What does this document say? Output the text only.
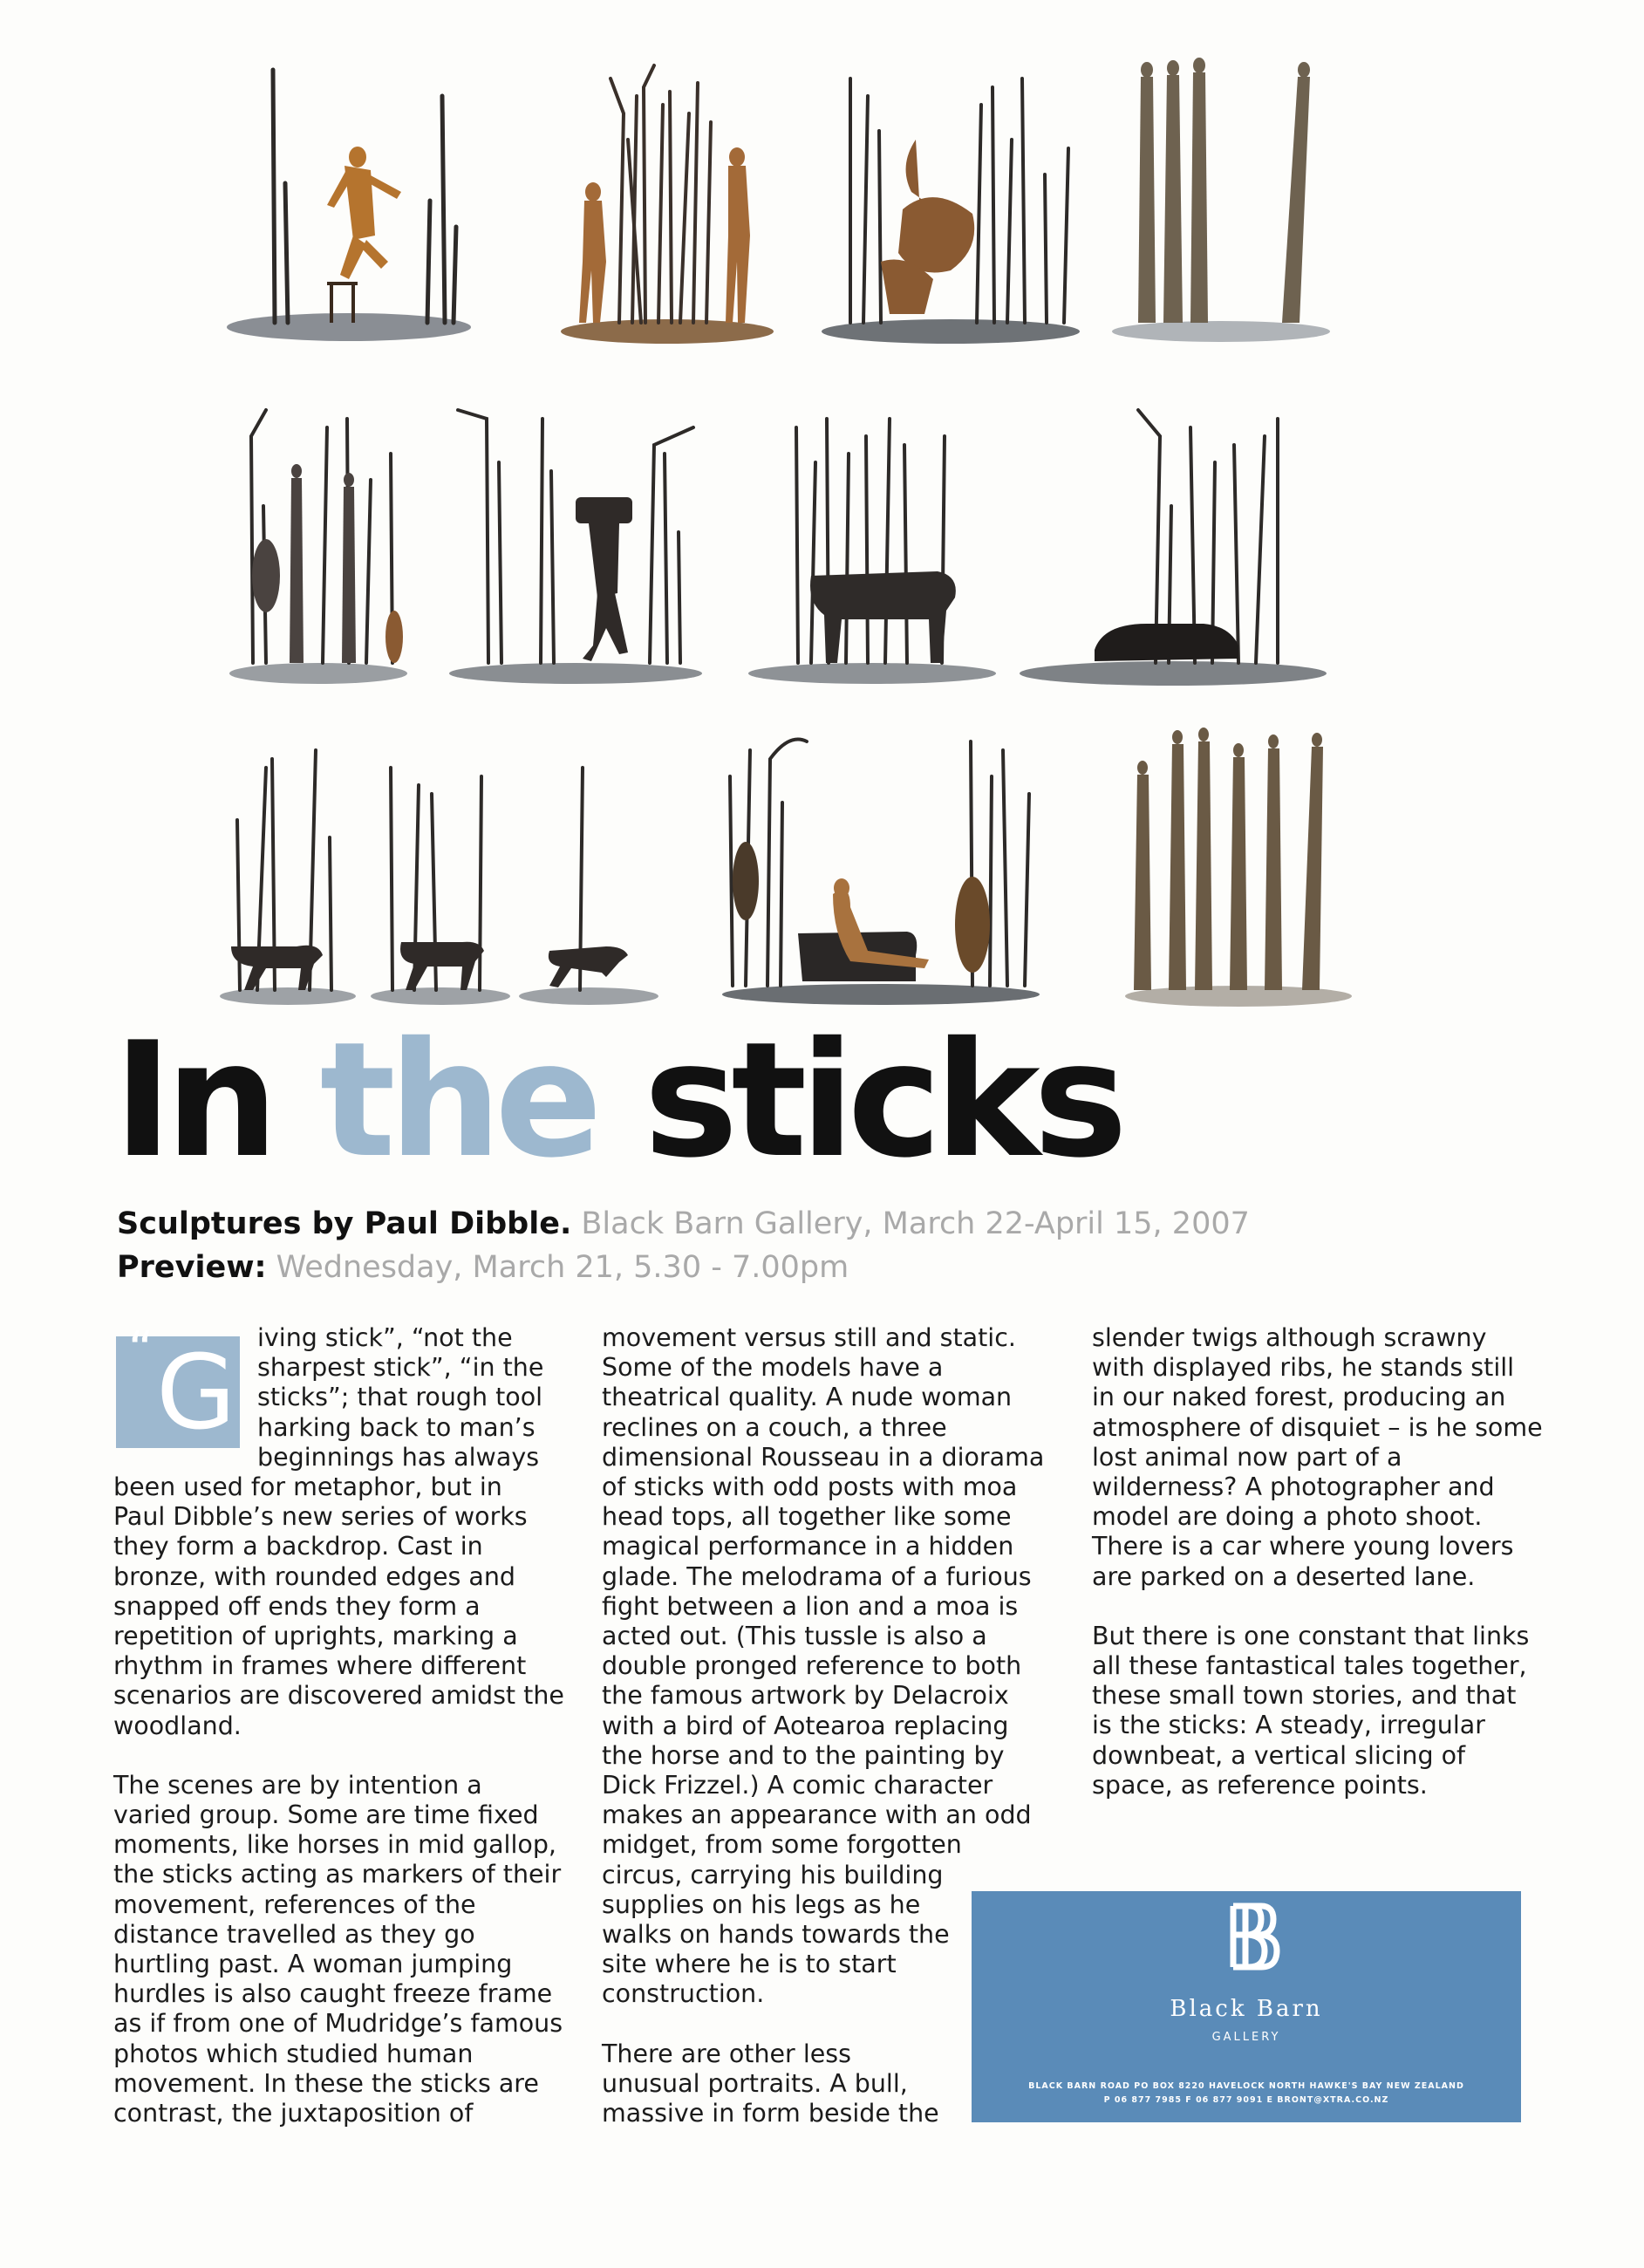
In the sticks
Sculptures by Paul Dibble. Black Barn Gallery, March 22-April 15, 2007
Preview: Wednesday, March 21, 5.30 - 7.00pm
“ G iving stick”, “not the

sharpest stick”, “in the

sticks”; that rough tool

harking back to man’s

beginnings has always

been used for metaphor, but in

Paul Dibble’s new series of works

they form a backdrop. Cast in

bronze, with rounded edges and

snapped off ends they form a

repetition of uprights, marking a

rhythm in frames where different

scenarios are discovered amidst the

woodland.

The scenes are by intention a

varied group. Some are time fixed

moments, like horses in mid gallop,

the sticks acting as markers of their

movement, references of the

distance travelled as they go

hurtling past. A woman jumping

hurdles is also caught freeze frame

as if from one of Mudridge’s famous

photos which studied human

movement. In these the sticks are

contrast, the juxtaposition of

movement versus still and static.

Some of the models have a

theatrical quality. A nude woman

reclines on a couch, a three

dimensional Rousseau in a diorama

of sticks with odd posts with moa

head tops, all together like some

magical performance in a hidden

glade. The melodrama of a furious

fight between a lion and a moa is

acted out. (This tussle is also a

double pronged reference to both

the famous artwork by Delacroix

with a bird of Aotearoa replacing

the horse and to the painting by

Dick Frizzel.) A comic character

makes an appearance with an odd

midget, from some forgotten

circus, carrying his building

supplies on his legs as he

walks on hands towards the

site where he is to start

construction.

There are other less

unusual portraits. A bull,

massive in form beside the

slender twigs although scrawny

with displayed ribs, he stands still

in our naked forest, producing an

atmosphere of disquiet – is he some

lost animal now part of a

wilderness? A photographer and

model are doing a photo shoot.

There is a car where young lovers

are parked on a deserted lane.

But there is one constant that links

all these fantastical tales together,

these small town stories, and that

is the sticks: A steady, irregular

downbeat, a vertical slicing of

space, as reference points.

Black Barn
GALLERY
BLACK BARN ROAD PO BOX 8220 HAVELOCK NORTH HAWKE'S BAY NEW ZEALAND
P 06 877 7985 F 06 877 9091 E BRONT@XTRA.CO.NZ
